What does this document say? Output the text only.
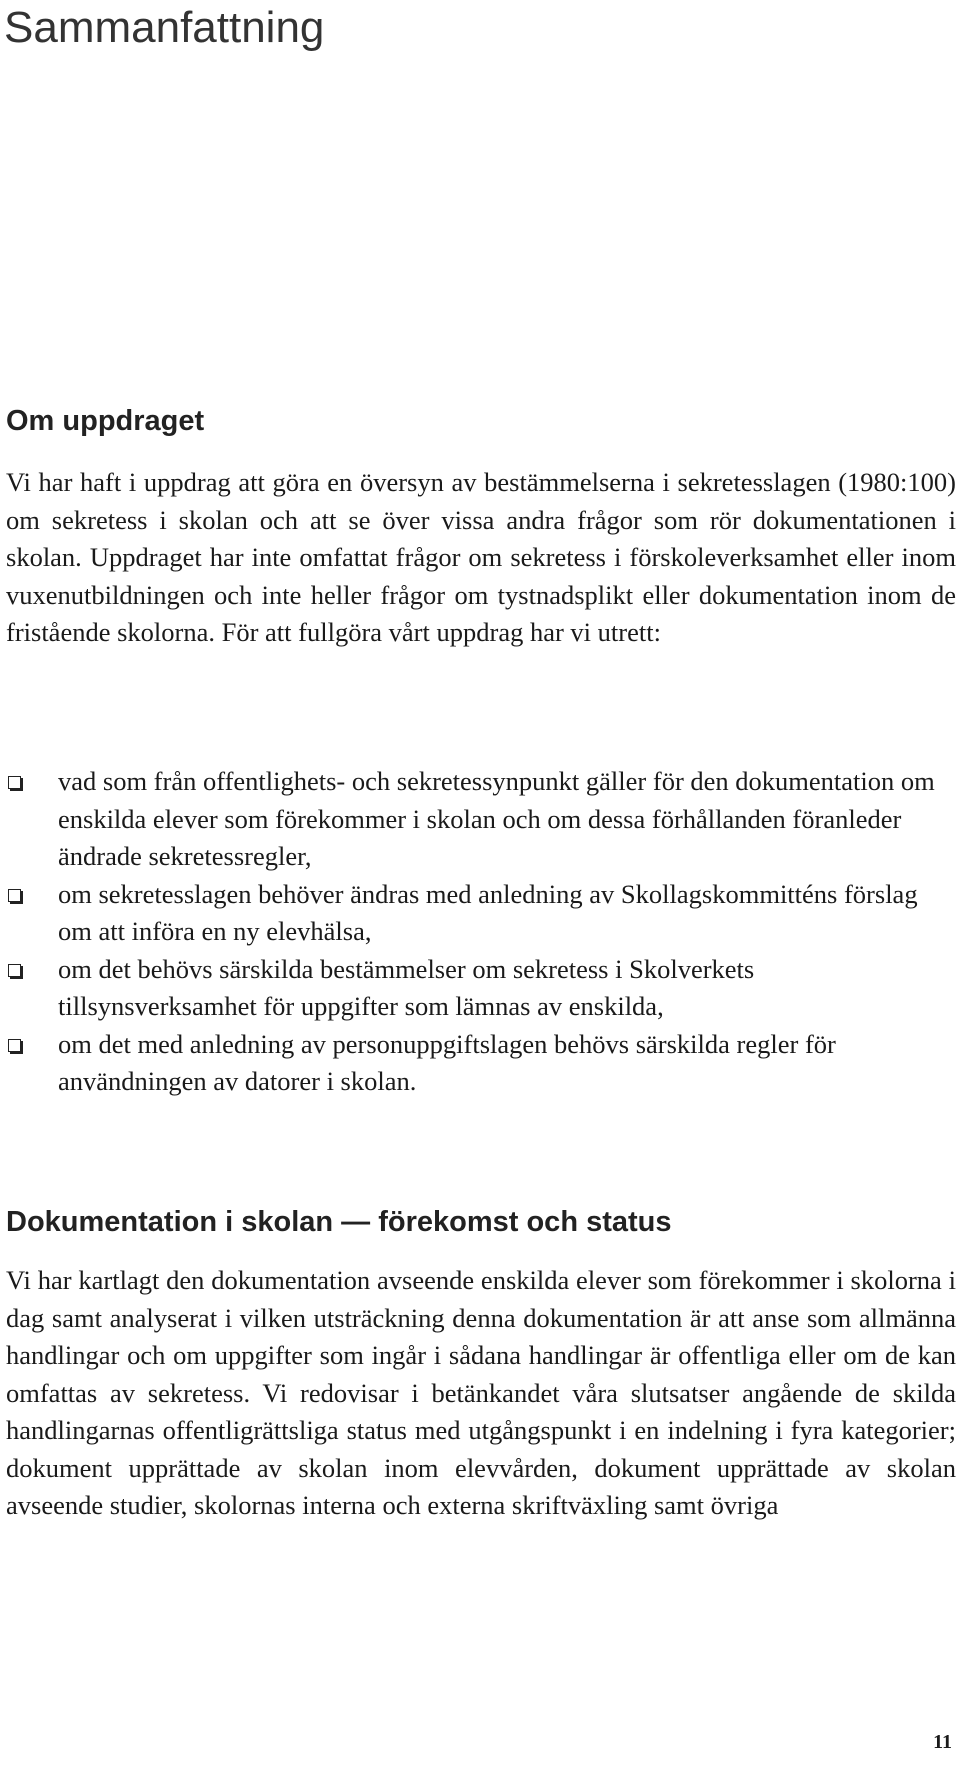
Sammanfattning
Om uppdraget

Vi har haft i uppdrag att göra en översyn av bestämmelserna i sekretesslagen (1980:100) om sekretess i skolan och att se över vissa andra frågor som rör dokumentationen i skolan. Uppdraget har inte omfattat frågor om sekretess i förskoleverksamhet eller inom vuxenutbildningen och inte heller frågor om tystnadsplikt eller dokumentation inom de fristående skolorna. För att fullgöra vårt uppdrag har vi utrett:

vad som från offentlighets- och sekretessynpunkt gäller för den dokumentation om enskilda elever som förekommer i skolan och om dessa förhållanden föranleder ändrade sekretessregler,
om sekretesslagen behöver ändras med anledning av Skollagskommitténs förslag om att införa en ny elevhälsa,
om det behövs särskilda bestämmelser om sekretess i Skolverkets tillsynsverksamhet för uppgifter som lämnas av enskilda,
om det med anledning av personuppgiftslagen behövs särskilda regler för användningen av datorer i skolan.
Dokumentation i skolan — förekomst och status

Vi har kartlagt den dokumentation avseende enskilda elever som förekommer i skolorna i dag samt analyserat i vilken utsträckning denna dokumentation är att anse som allmänna handlingar och om uppgifter som ingår i sådana handlingar är offentliga eller om de kan omfattas av sekretess. Vi redovisar i betänkandet våra slutsatser angående de skilda handlingarnas offentligrättsliga status med utgångspunkt i en indelning i fyra kategorier; dokument upprättade av skolan inom elevvården, dokument upprättade av skolan avseende studier, skolornas interna och externa skriftväxling samt övriga

11
